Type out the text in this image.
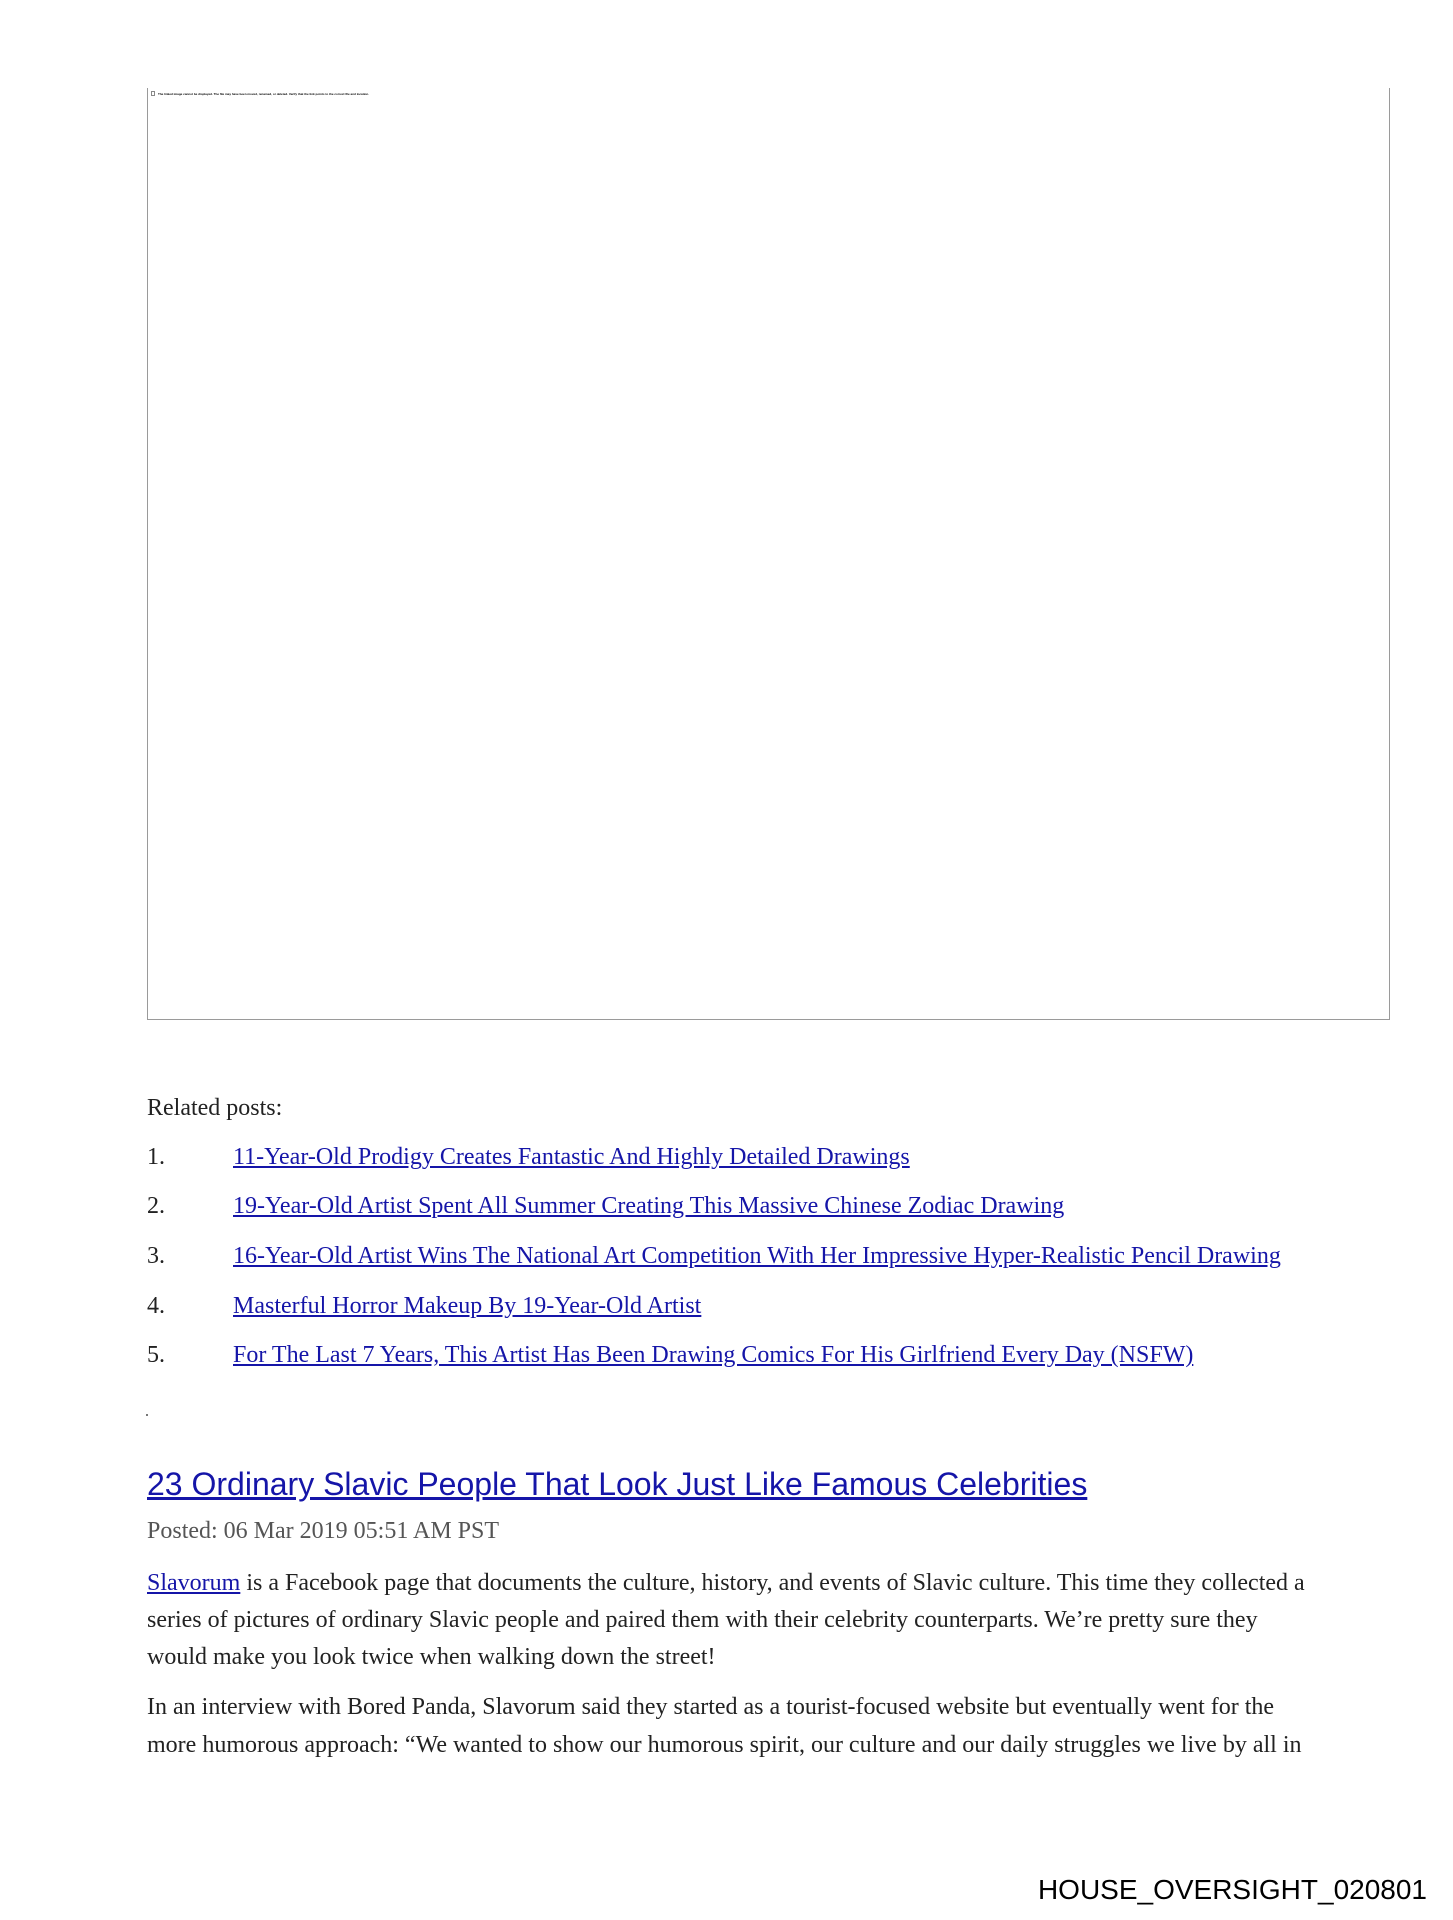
The linked image cannot be displayed. The file may have been moved, renamed, or deleted. Verify that the link points to the correct file and location.
Related posts:
1.	11-Year-Old Prodigy Creates Fantastic And Highly Detailed Drawings
2.	19-Year-Old Artist Spent All Summer Creating This Massive Chinese Zodiac Drawing
3.	16-Year-Old Artist Wins The National Art Competition With Her Impressive Hyper-Realistic Pencil Drawing
4.	Masterful Horror Makeup By 19-Year-Old Artist
5.	For The Last 7 Years, This Artist Has Been Drawing Comics For His Girlfriend Every Day (NSFW)
23 Ordinary Slavic People That Look Just Like Famous Celebrities
Posted: 06 Mar 2019 05:51 AM PST
Slavorum is a Facebook page that documents the culture, history, and events of Slavic culture. This time they collected a
series of pictures of ordinary Slavic people and paired them with their celebrity counterparts. We’re pretty sure they
would make you look twice when walking down the street!
In an interview with Bored Panda, Slavorum said they started as a tourist-focused website but eventually went for the
more humorous approach: “We wanted to show our humorous spirit, our culture and our daily struggles we live by all in
HOUSE_OVERSIGHT_020801
